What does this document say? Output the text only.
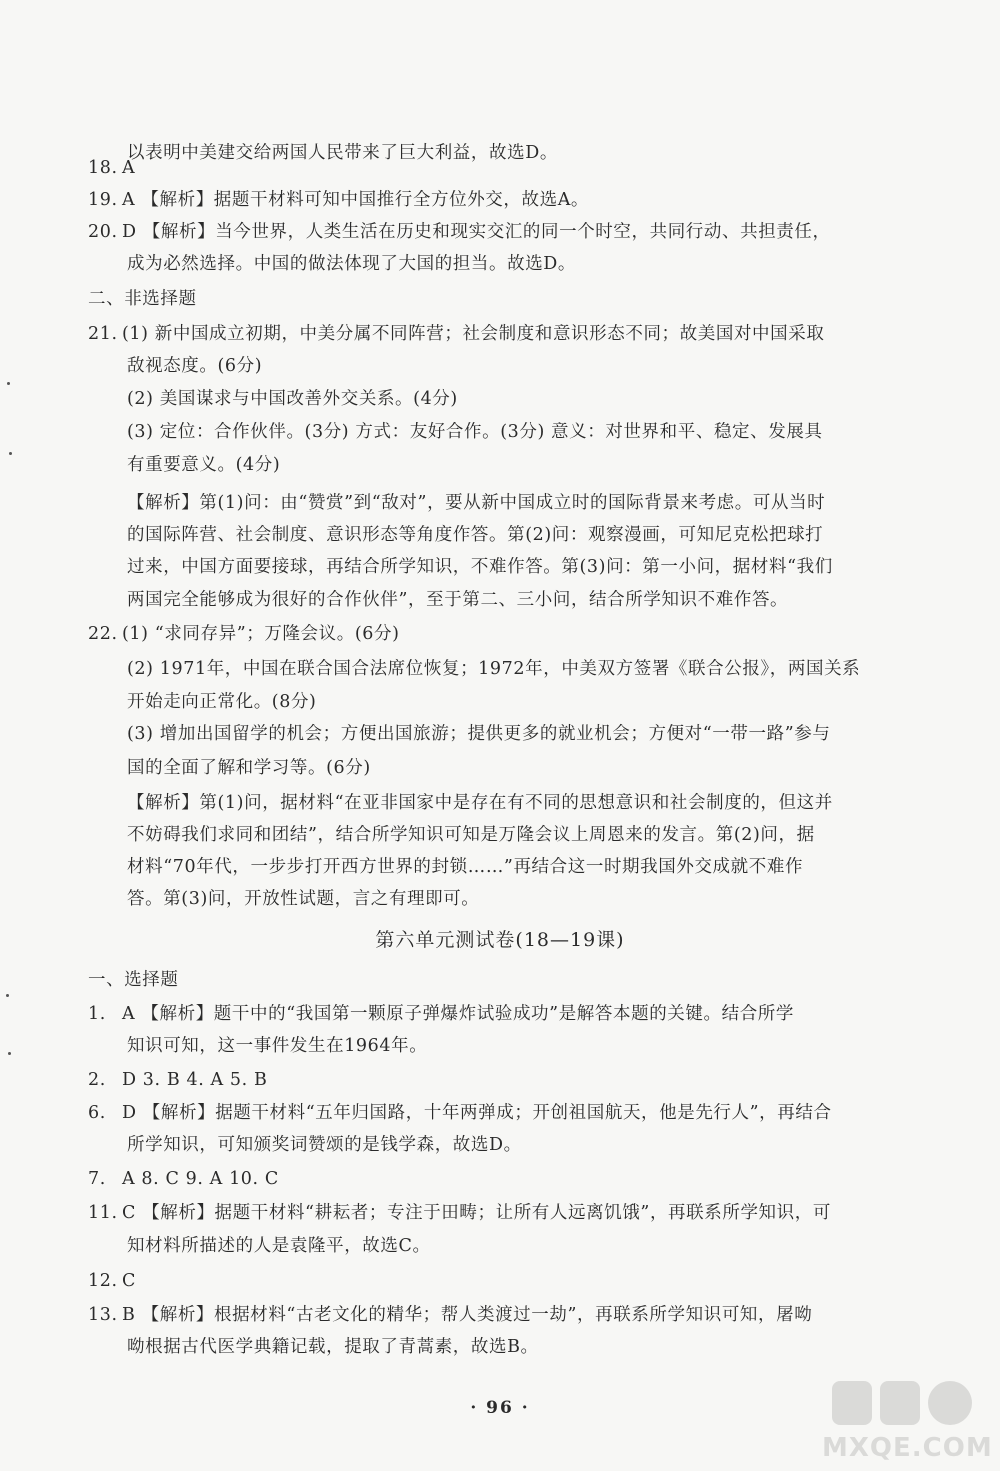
以表明中美建交给两国人民带来了巨大利益，故选D。
18. A
19. A 【解析】据题干材料可知中国推行全方位外交，故选A。
20. D 【解析】当今世界，人类生活在历史和现实交汇的同一个时空，共同行动、共担责任，
成为必然选择。中国的做法体现了大国的担当。故选D。
二、非选择题
21. (1) 新中国成立初期，中美分属不同阵营；社会制度和意识形态不同；故美国对中国采取
敌视态度。(6分)
(2) 美国谋求与中国改善外交关系。(4分)
(3) 定位：合作伙伴。(3分) 方式：友好合作。(3分) 意义：对世界和平、稳定、发展具
有重要意义。(4分)
【解析】第(1)问：由“赞赏”到“敌对”，要从新中国成立时的国际背景来考虑。可从当时
的国际阵营、社会制度、意识形态等角度作答。第(2)问：观察漫画，可知尼克松把球打
过来，中国方面要接球，再结合所学知识，不难作答。第(3)问：第一小问，据材料“我们
两国完全能够成为很好的合作伙伴”，至于第二、三小问，结合所学知识不难作答。
22. (1) “求同存异”；万隆会议。(6分)
(2) 1971年，中国在联合国合法席位恢复；1972年，中美双方签署《联合公报》，两国关系
开始走向正常化。(8分)
(3) 增加出国留学的机会；方便出国旅游；提供更多的就业机会；方便对“一带一路”参与
国的全面了解和学习等。(6分)
【解析】第(1)问，据材料“在亚非国家中是存在有不同的思想意识和社会制度的，但这并
不妨碍我们求同和团结”，结合所学知识可知是万隆会议上周恩来的发言。第(2)问，据
材料“70年代，一步步打开西方世界的封锁……”再结合这一时期我国外交成就不难作
答。第(3)问，开放性试题，言之有理即可。
第六单元测试卷(18—19课)
一、选择题
1. A 【解析】题干中的“我国第一颗原子弹爆炸试验成功”是解答本题的关键。结合所学
知识可知，这一事件发生在1964年。
2. D 3. B 4. A 5. B
6. D 【解析】据题干材料“五年归国路，十年两弹成；开创祖国航天，他是先行人”，再结合
所学知识，可知颁奖词赞颂的是钱学森，故选D。
7. A 8. C 9. A 10. C
11. C 【解析】据题干材料“耕耘者；专注于田畴；让所有人远离饥饿”，再联系所学知识，可
知材料所描述的人是袁隆平，故选C。
12. C
13. B 【解析】根据材料“古老文化的精华；帮人类渡过一劫”，再联系所学知识可知，屠呦
呦根据古代医学典籍记载，提取了青蒿素，故选B。
· 96 ·
MXQE.COM
